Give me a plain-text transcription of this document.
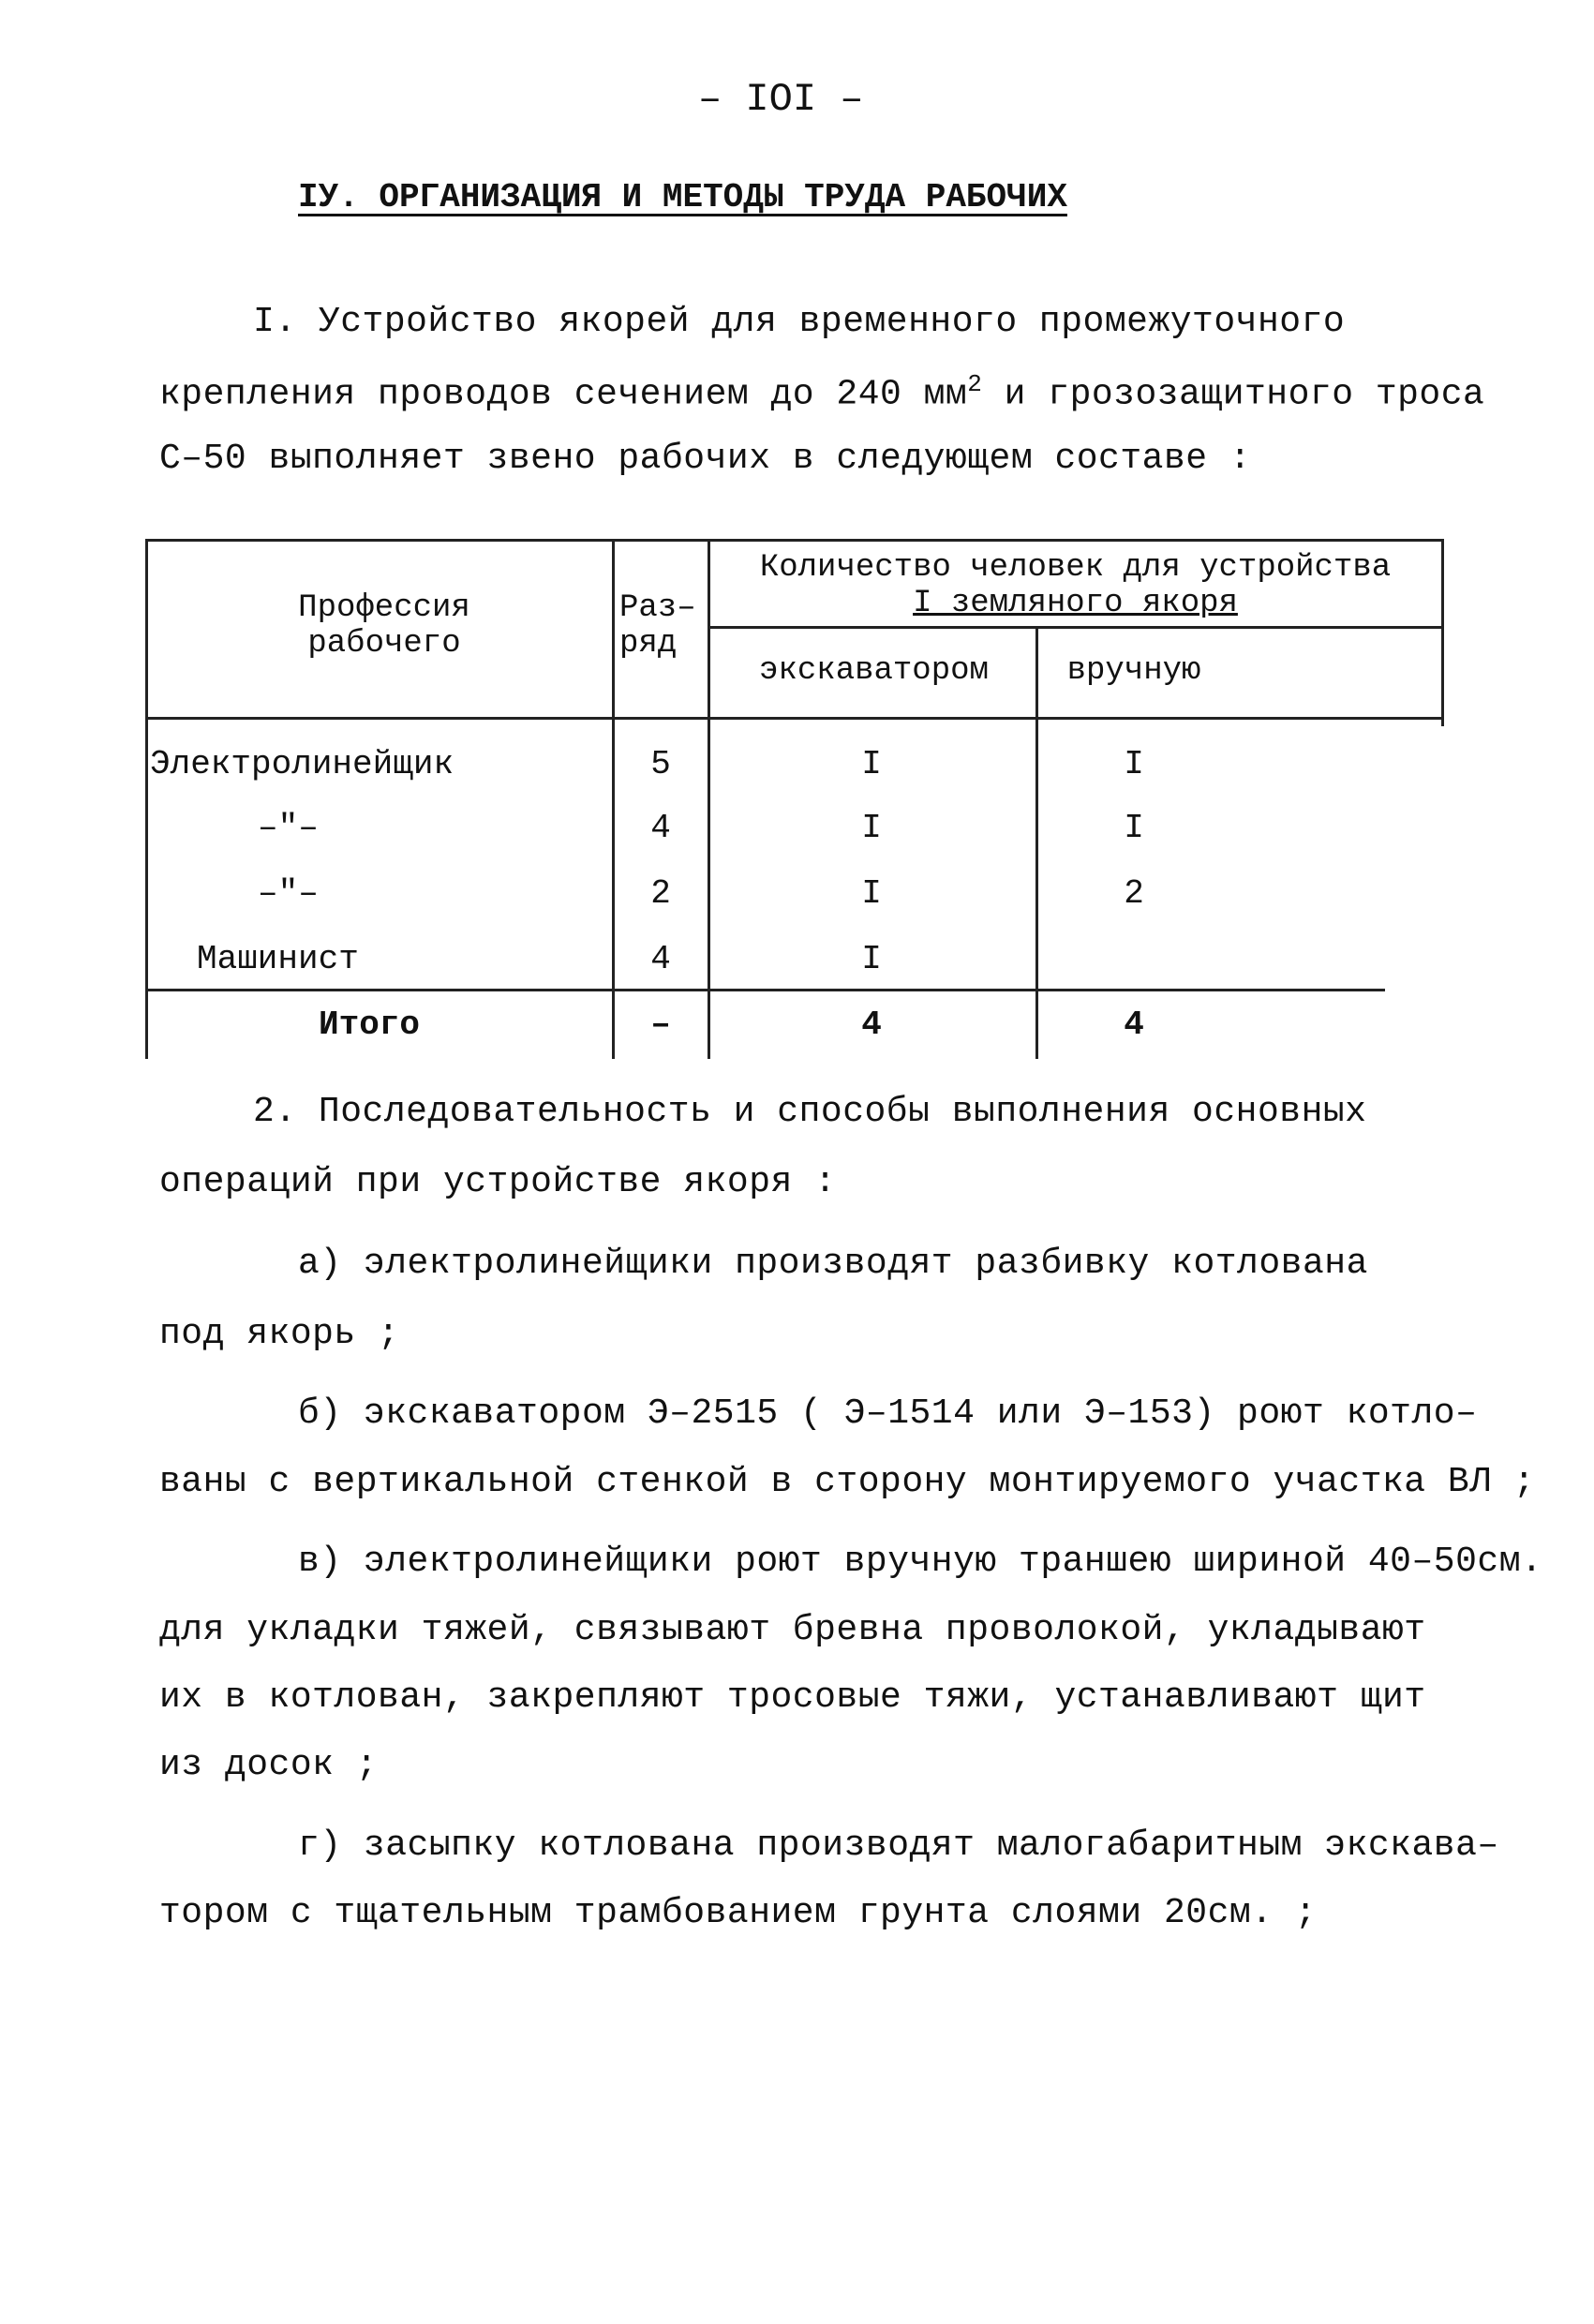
– IOI –
IУ. ОРГАНИЗАЦИЯ И МЕТОДЫ ТРУДА РАБОЧИХ
I. Устройство якорей для временного промежуточного
крепления проводов сечением до 240 $мм^2$ и грозозащитного троса
С–50 выполняет звено рабочих в следующем составе :
Профессия
рабочего
Раз–
ряд
Количество человек для устройства
I земляного якоря
экскаватором	вручную
Электролинейщик	5	I	I
–"–	4	I	I
–"–	2	I	2
Машинист	4	I
Итого	–	4	4
2. Последовательность и способы выполнения основных
операций при устройстве якоря :
а) электролинейщики производят разбивку котлована
под якорь ;
б) экскаватором Э–2515 ( Э–1514 или Э–153) роют котло–
ваны с вертикальной стенкой в сторону монтируемого участка ВЛ ;
в) электролинейщики роют вручную траншею шириной 40–50см.
для укладки тяжей, связывают бревна проволокой, укладывают
их в котлован, закрепляют тросовые тяжи, устанавливают щит
из досок ;
г) засыпку котлована производят малогабаритным экскава–
тором с тщательным трамбованием грунта слоями 20см. ;
